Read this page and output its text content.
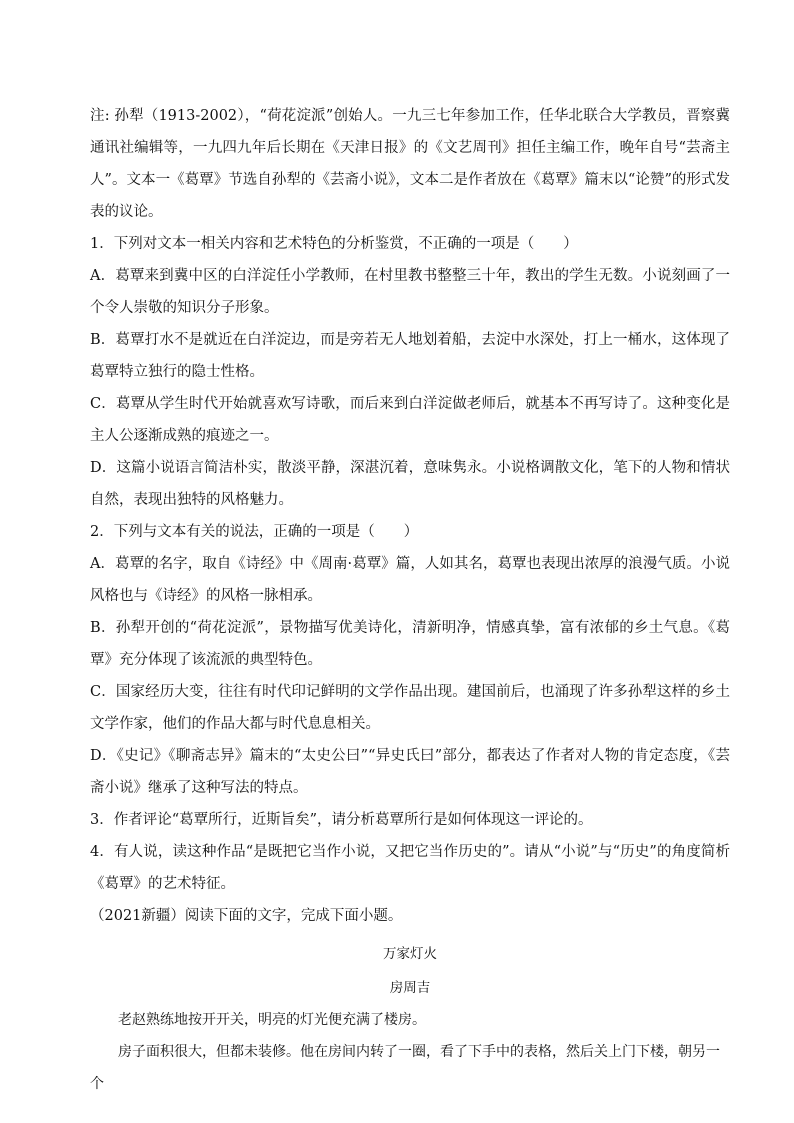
注: 孙犁（1913-2002），“荷花淀派”创始人。一九三七年参加工作，任华北联合大学教员，晋察冀通讯社编辑等，一九四九年后长期在《天津日报》的《文艺周刊》担任主编工作，晚年自号“芸斋主人”。文本一《葛覃》节选自孙犁的《芸斋小说》，文本二是作者放在《葛覃》篇末以“论赞”的形式发表的议论。

1．下列对文本一相关内容和艺术特色的分析鉴赏，不正确的一项是（　　）

A．葛覃来到冀中区的白洋淀任小学教师，在村里教书整整三十年，教出的学生无数。小说刻画了一个令人崇敬的知识分子形象。

B．葛覃打水不是就近在白洋淀边，而是旁若无人地划着船，去淀中水深处，打上一桶水，这体现了葛覃特立独行的隐士性格。

C．葛覃从学生时代开始就喜欢写诗歌，而后来到白洋淀做老师后，就基本不再写诗了。这种变化是主人公逐渐成熟的痕迹之一。

D．这篇小说语言简洁朴实，散淡平静，深湛沉着，意味隽永。小说格调散文化，笔下的人物和情状自然，表现出独特的风格魅力。

2．下列与文本有关的说法，正确的一项是（　　）

A．葛覃的名字，取自《诗经》中《周南·葛覃》篇，人如其名，葛覃也表现出浓厚的浪漫气质。小说风格也与《诗经》的风格一脉相承。

B．孙犁开创的“荷花淀派”，景物描写优美诗化，清新明净，情感真挚，富有浓郁的乡土气息。《葛覃》充分体现了该流派的典型特色。

C．国家经历大变，往往有时代印记鲜明的文学作品出现。建国前后，也涌现了许多孙犁这样的乡土文学作家，他们的作品大都与时代息息相关。

D．《史记》《聊斋志异》篇末的“太史公曰”“异史氏曰”部分，都表达了作者对人物的肯定态度，《芸斋小说》继承了这种写法的特点。

3．作者评论“葛覃所行，近斯旨矣”，请分析葛覃所行是如何体现这一评论的。

4．有人说，读这种作品“是既把它当作小说，又把它当作历史的”。请从“小说”与“历史”的角度简析《葛覃》的艺术特征。

（2021新疆）阅读下面的文字，完成下面小题。

万家灯火

房周吉

老赵熟练地按开开关，明亮的灯光便充满了楼房。

房子面积很大，但都未装修。他在房间内转了一圈，看了下手中的表格，然后关上门下楼，朝另一个
